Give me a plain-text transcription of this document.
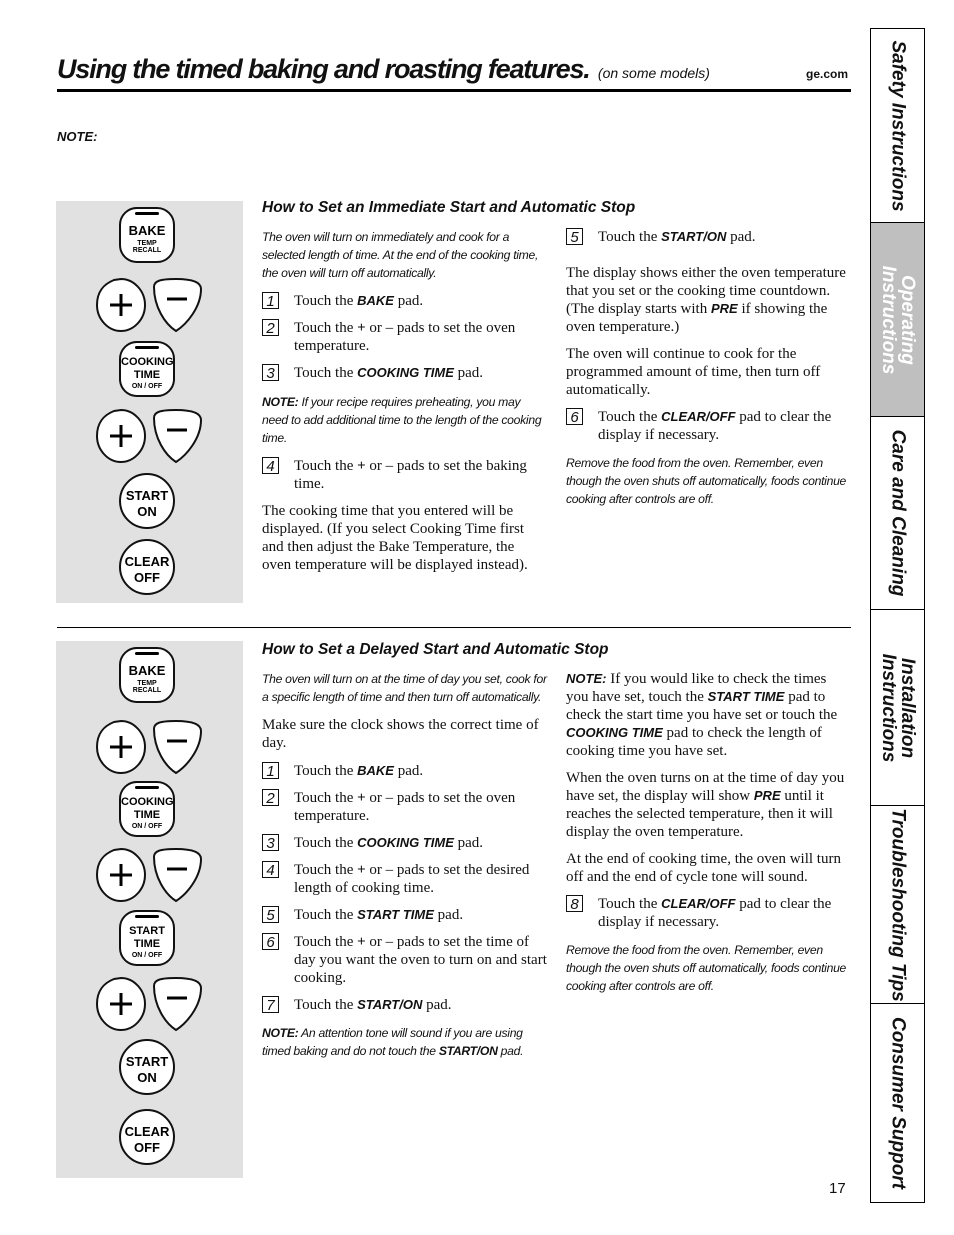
Using the timed baking and roasting features. (on some models)	ge.com
NOTE:
BAKE
TEMP
RECALL
COOKING
TIME
ON / OFF
START
ON
CLEAR
OFF
How to Set an Immediate Start and Automatic Stop

The oven will turn on immediately and cook for a selected length of time. At the end of the cooking time, the oven will turn off automatically.

1 Touch the BAKE pad.
2 Touch the + or – pads to set the oven temperature.
3 Touch the COOKING TIME pad.

NOTE: If your recipe requires preheating, you may need to add additional time to the length of the cooking time.

4 Touch the + or – pads to set the baking time.

The cooking time that you entered will be displayed. (If you select Cooking Time first and then adjust the Bake Temperature, the oven temperature will be displayed instead).

5 Touch the START/ON pad.

The display shows either the oven temperature that you set or the cooking time countdown. (The display starts with PRE if showing the oven temperature.)

The oven will continue to cook for the programmed amount of time, then turn off automatically.

6 Touch the CLEAR/OFF pad to clear the display if necessary.

Remove the food from the oven. Remember, even though the oven shuts off automatically, foods continue cooking after controls are off.

BAKE
TEMP
RECALL
COOKING
TIME
ON / OFF
START
TIME
ON / OFF
START
ON
CLEAR
OFF
How to Set a Delayed Start and Automatic Stop

The oven will turn on at the time of day you set, cook for a specific length of time and then turn off automatically.

Make sure the clock shows the correct time of day.

1 Touch the BAKE pad.
2 Touch the + or – pads to set the oven temperature.
3 Touch the COOKING TIME pad.
4 Touch the + or – pads to set the desired length of cooking time.
5 Touch the START TIME pad.
6 Touch the + or – pads to set the time of day you want the oven to turn on and start cooking.
7 Touch the START/ON pad.

NOTE: An attention tone will sound if you are using timed baking and do not touch the START/ON pad.

NOTE: If you would like to check the times you have set, touch the START TIME pad to check the start time you have set or touch the COOKING TIME pad to check the length of cooking time you have set.

When the oven turns on at the time of day you have set, the display will show PRE until it reaches the selected temperature, then it will display the oven temperature.

At the end of cooking time, the oven will turn off and the end of cycle tone will sound.

8 Touch the CLEAR/OFF pad to clear the display if necessary.

Remove the food from the oven. Remember, even though the oven shuts off automatically, foods continue cooking after controls are off.

17
Safety Instructions
Operating Instructions
Care and Cleaning
Installation Instructions
Troubleshooting Tips
Consumer Support
